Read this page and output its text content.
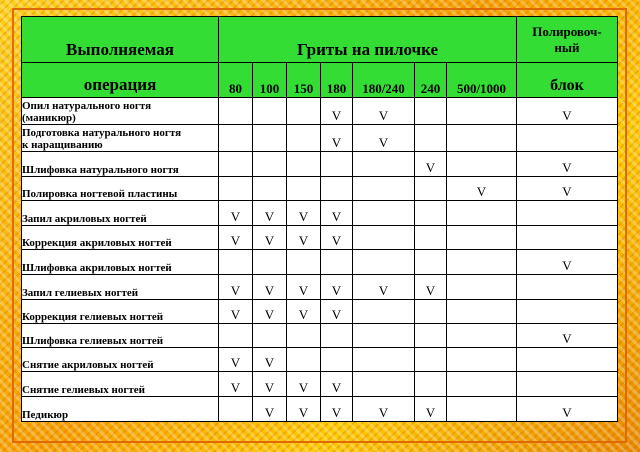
Выполняемая	Гриты на пилочке							Полировоч-
ный

операция	80	100	150	180	180/240	240	500/1000	блок

Опил натурального ногтя
(маникюр)				V	V			V

Подготовка натурального ногтя
к наращиванию				V	V			

Шлифовка натурального ногтя						V		V

Полировка ногтевой пластины							V	V

Запил акриловых ногтей	V	V	V	V				

Коррекция акриловых ногтей	V	V	V	V				

Шлифовка акриловых ногтей								V

Запил гелиевых ногтей	V	V	V	V	V	V		

Коррекция гелиевых ногтей	V	V	V	V				

Шлифовка гелиевых ногтей								V

Снятие акриловых ногтей	V	V						

Снятие гелиевых ногтей	V	V	V	V				

Педикюр		V	V	V	V	V		V
